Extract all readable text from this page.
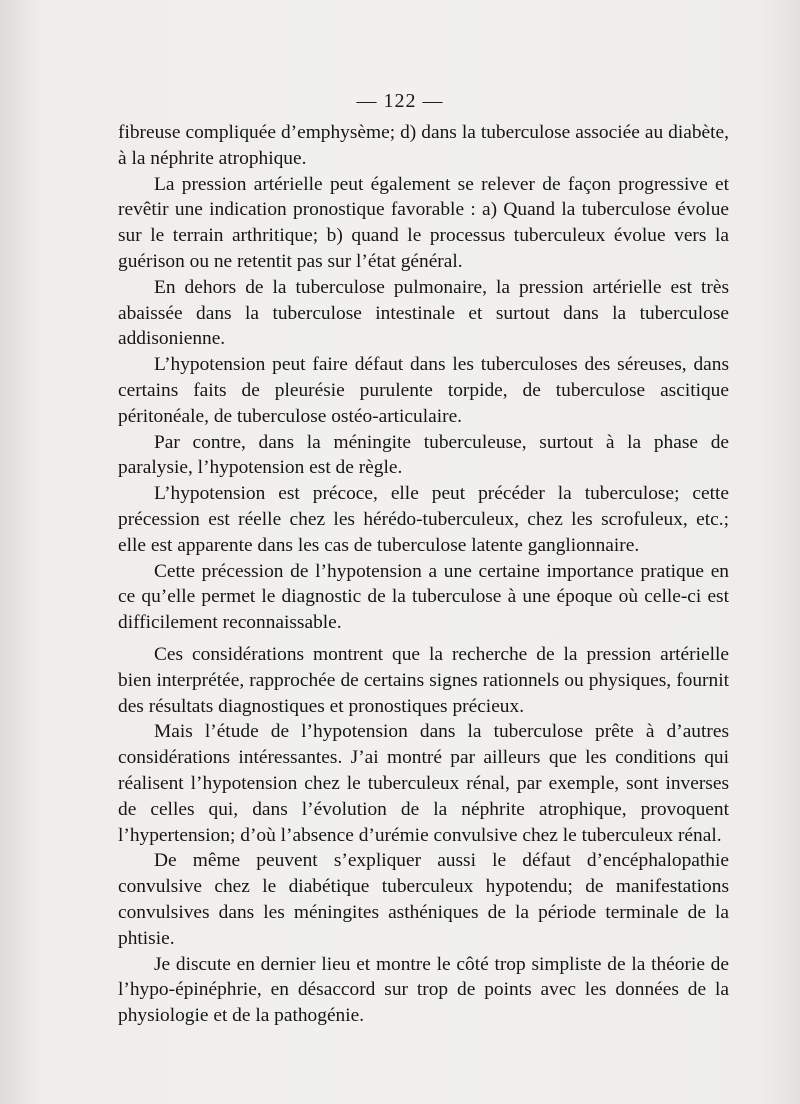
— 122 —

fibreuse compliquée d’emphysème; d) dans la tuberculose associée au diabète, à la néphrite atrophique.

La pression artérielle peut également se relever de façon progressive et revêtir une indication pronostique favorable : a) Quand la tuberculose évolue sur le terrain arthritique; b) quand le processus tuberculeux évolue vers la guérison ou ne retentit pas sur l’état général.

En dehors de la tuberculose pulmonaire, la pression artérielle est très abaissée dans la tuberculose intestinale et surtout dans la tuberculose addisonienne.

L’hypotension peut faire défaut dans les tuberculoses des séreuses, dans certains faits de pleurésie purulente torpide, de tuberculose ascitique péritonéale, de tuberculose ostéo-articulaire.

Par contre, dans la méningite tuberculeuse, surtout à la phase de paralysie, l’hypotension est de règle.

L’hypotension est précoce, elle peut précéder la tuberculose; cette précession est réelle chez les hérédo-tuberculeux, chez les scrofuleux, etc.; elle est apparente dans les cas de tuberculose latente ganglionnaire.

Cette précession de l’hypotension a une certaine importance pratique en ce qu’elle permet le diagnostic de la tuberculose à une époque où celle-ci est difficilement reconnaissable.

Ces considérations montrent que la recherche de la pression artérielle bien interprétée, rapprochée de certains signes rationnels ou physiques, fournit des résultats diagnostiques et pronostiques précieux.

Mais l’étude de l’hypotension dans la tuberculose prête à d’autres considérations intéressantes. J’ai montré par ailleurs que les conditions qui réalisent l’hypotension chez le tuberculeux rénal, par exemple, sont inverses de celles qui, dans l’évolution de la néphrite atrophique, provoquent l’hypertension; d’où l’absence d’urémie convulsive chez le tuberculeux rénal.

De même peuvent s’expliquer aussi le défaut d’encéphalopathie convulsive chez le diabétique tuberculeux hypotendu; de manifestations convulsives dans les méningites asthéniques de la période terminale de la phtisie.

Je discute en dernier lieu et montre le côté trop simpliste de la théorie de l’hypo-épinéphrie, en désaccord sur trop de points avec les données de la physiologie et de la pathogénie.
